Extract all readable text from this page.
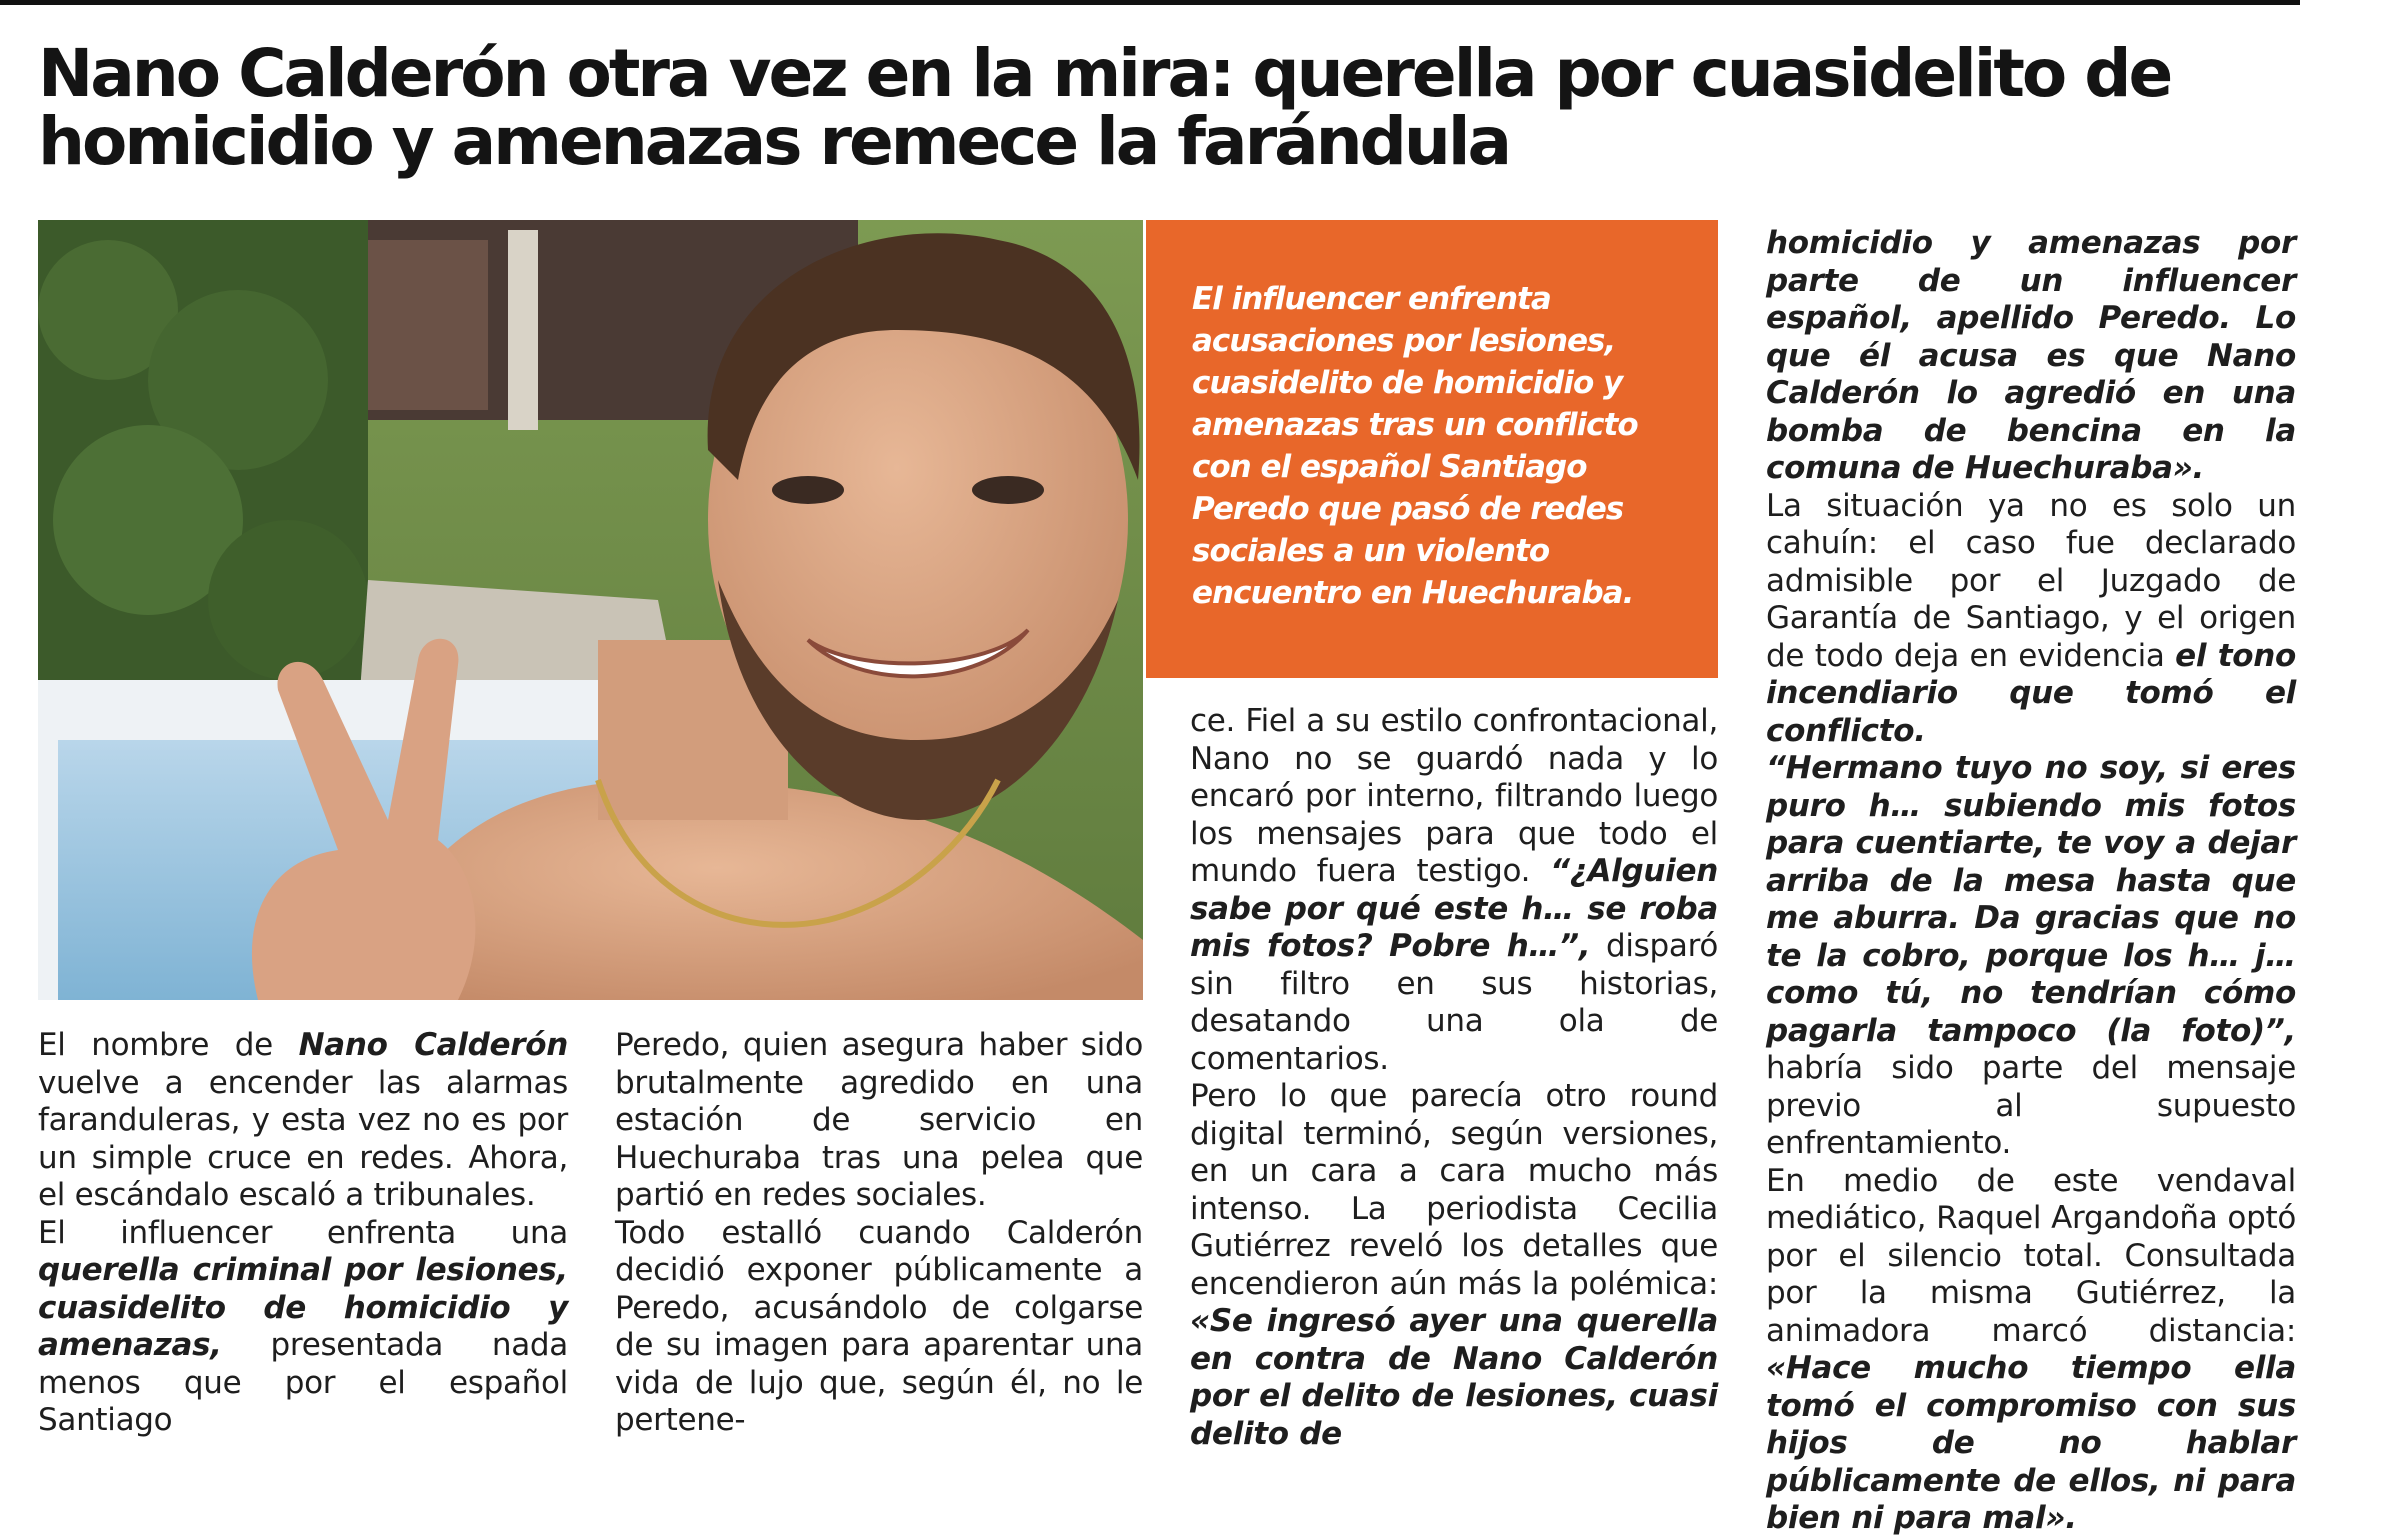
Nano Calderón otra vez en la mira: querella por cuasidelito de
homicidio y amenazas remece la farándula

El influencer enfrenta acusaciones por lesiones, cuasidelito de homicidio y amenazas tras un conflicto con el español Santiago Peredo que pasó de redes sociales a un violento encuentro en Huechuraba.

El nombre de Nano Calderón vuelve a encender las alarmas faranduleras, y esta vez no es por un simple cruce en redes. Ahora, el escándalo escaló a tribunales.

El influencer enfrenta una querella criminal por lesiones, cuasidelito de homicidio y amenazas, presentada nada menos que por el español Santiago

Peredo, quien asegura haber sido brutalmente agredido en una estación de servicio en Huechuraba tras una pelea que partió en redes sociales.

Todo estalló cuando Calderón decidió exponer públicamente a Peredo, acusándolo de colgarse de su imagen para aparentar una vida de lujo que, según él, no le pertene-

ce. Fiel a su estilo confrontacional, Nano no se guardó nada y lo encaró por interno, filtrando luego los mensajes para que todo el mundo fuera testigo. “¿Alguien sabe por qué este h… se roba mis fotos? Pobre h…”, disparó sin filtro en sus historias, desatando una ola de comentarios.

Pero lo que parecía otro round digital terminó, según versiones, en un cara a cara mucho más intenso. La periodista Cecilia Gutiérrez reveló los detalles que encendieron aún más la polémica: «Se ingresó ayer una querella en contra de Nano Calderón por el delito de lesiones, cuasi delito de

homicidio y amenazas por parte de un influencer español, apellido Peredo. Lo que él acusa es que Nano Calderón lo agredió en una bomba de bencina en la comuna de Huechuraba».

La situación ya no es solo un cahuín: el caso fue declarado admisible por el Juzgado de Garantía de Santiago, y el origen de todo deja en evidencia el tono incendiario que tomó el conflicto.

“Hermano tuyo no soy, si eres puro h… subiendo mis fotos para cuentiarte, te voy a dejar arriba de la mesa hasta que me aburra. Da gracias que no te la cobro, porque los h… j… como tú, no tendrían cómo pagarla tampoco (la foto)”, habría sido parte del mensaje previo al supuesto enfrentamiento.

En medio de este vendaval mediático, Raquel Argandoña optó por el silencio total. Consultada por la misma Gutiérrez, la animadora marcó distancia: «Hace mucho tiempo ella tomó el compromiso con sus hijos de no hablar públicamente de ellos, ni para bien ni para mal».
